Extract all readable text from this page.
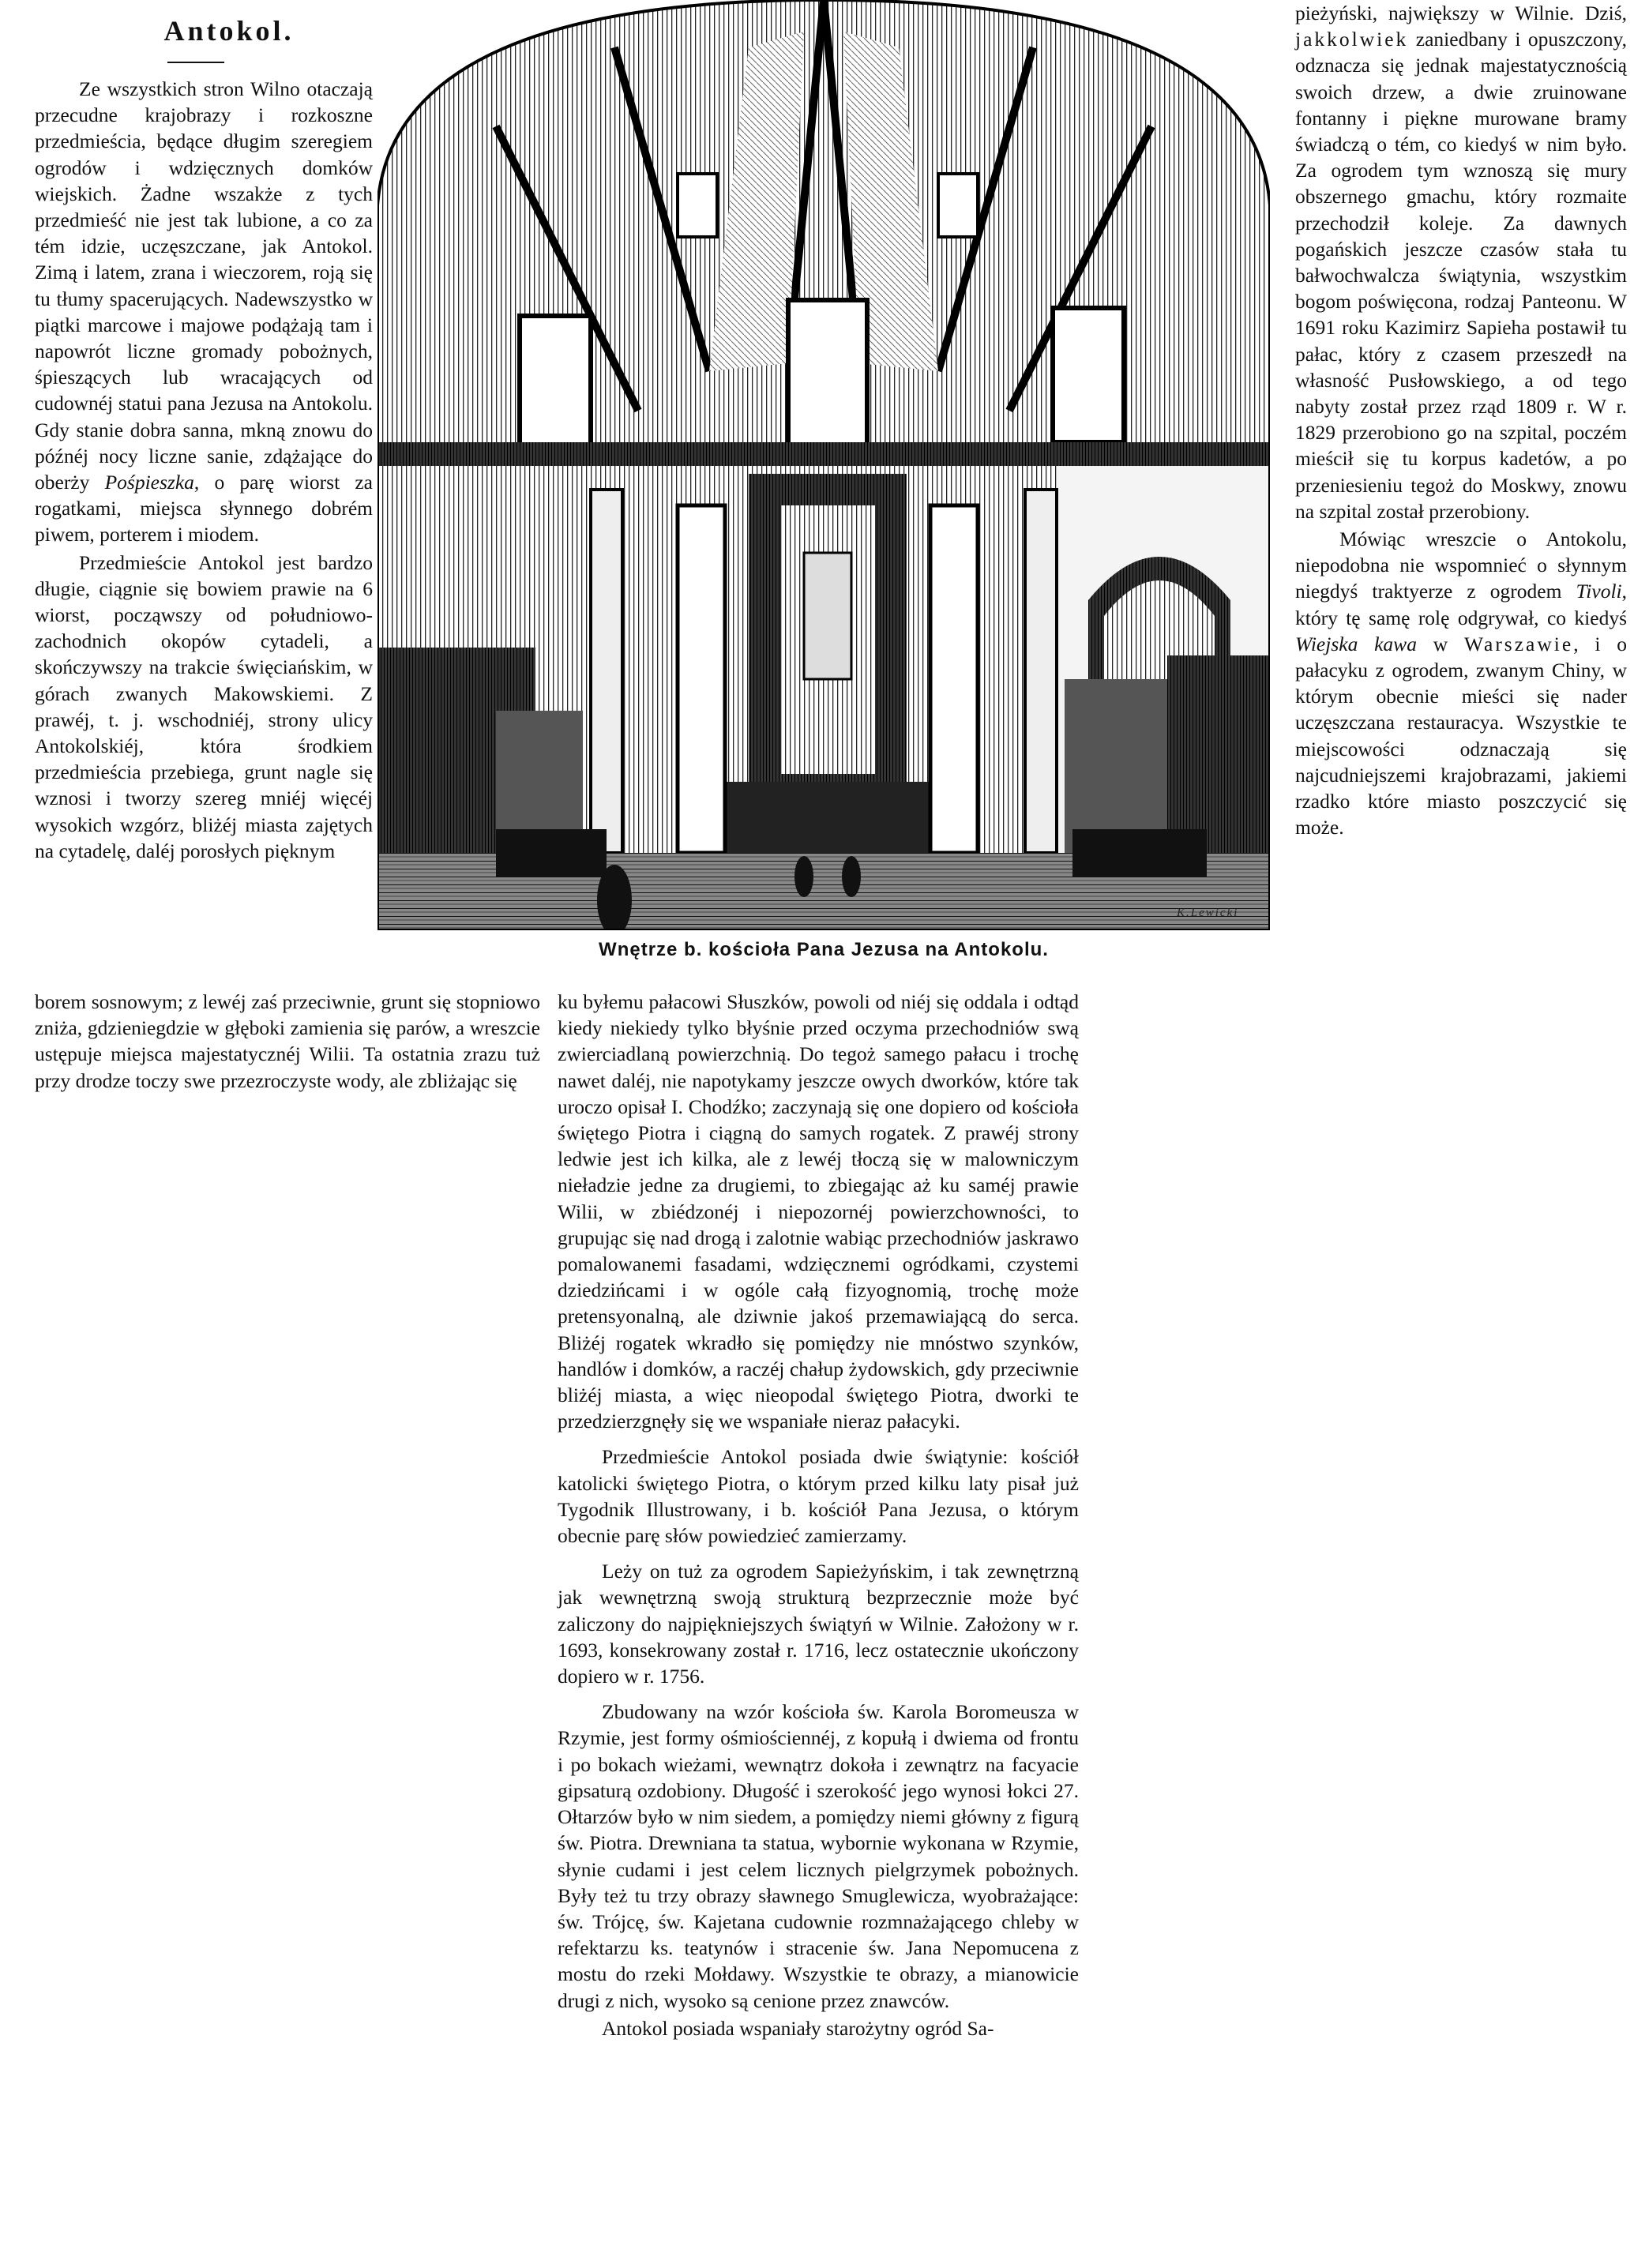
Antokol.

Ze wszystkich stron Wilno otaczają przecudne krajobrazy i rozkoszne przedmieścia, będące długim szeregiem ogrodów i wdzięcznych domków wiejskich. Żadne wszakże z tych przedmieść nie jest tak lubione, a co za tém idzie, uczęszczane, jak Antokol. Zimą i latem, zrana i wieczorem, roją się tu tłumy spacerujących. Nadewszystko w piątki marcowe i majowe podążają tam i napowrót liczne gromady pobożnych, śpieszących lub wracających od cudownéj statui pana Jezusa na Antokolu. Gdy stanie dobra sanna, mkną znowu do późnéj nocy liczne sanie, zdążające do oberży Pośpieszka, o parę wiorst za rogatkami, miejsca słynnego dobrém piwem, porterem i miodem.

Przedmieście Antokol jest bardzo długie, ciągnie się bowiem prawie na 6 wiorst, począwszy od południowo-zachodnich okopów cytadeli, a skończywszy na trakcie święciańskim, w górach zwanych Makowskiemi. Z prawéj, t. j. wschodniéj, strony ulicy Antokolskiéj, która środkiem przedmieścia przebiega, grunt nagle się wznosi i tworzy szereg mniéj więcéj wysokich wzgórz, bliżéj miasta zajętych na cytadelę, daléj porosłych pięknym

borem sosnowym; z lewéj zaś przeciwnie, grunt się stopniowo zniża, gdzieniegdzie w głęboki zamienia się parów, a wreszcie ustępuje miejsca majestatycznéj Wilii. Ta ostatnia zrazu tuż przy drodze toczy swe przezroczyste wody, ale zbliżając się

K.Lewicki
Wnętrze b. kościoła Pana Jezusa na Antokolu.

ku byłemu pałacowi Słuszków, powoli od niéj się oddala i odtąd kiedy niekiedy tylko błyśnie przed oczyma przechodniów swą zwierciadlaną powierzchnią. Do tegoż samego pałacu i trochę nawet daléj, nie napotykamy jeszcze owych dworków, które tak uroczo opisał I. Chodźko; zaczynają się one dopiero od kościoła świętego Piotra i ciągną do samych rogatek. Z prawéj strony ledwie jest ich kilka, ale z lewéj tłoczą się w malowniczym nieładzie jedne za drugiemi, to zbiegając aż ku saméj prawie Wilii, w zbiédzonéj i niepozornéj powierzchowności, to grupując się nad drogą i zalotnie wabiąc przechodniów jaskrawo pomalowanemi fasadami, wdzięcznemi ogródkami, czystemi dziedzińcami i w ogóle całą fizyognomią, trochę może pretensyonalną, ale dziwnie jakoś przemawiającą do serca. Bliżéj rogatek wkradło się pomiędzy nie mnóstwo szynków, handlów i domków, a raczéj chałup żydowskich, gdy przeciwnie bliżéj miasta, a więc nieopodal świętego Piotra, dworki te przedzierzgnęły się we wspaniałe nieraz pałacyki.

Przedmieście Antokol posiada dwie świątynie: kościół katolicki świętego Piotra, o którym przed kilku laty pisał już Tygodnik Illustrowany, i b. kościół Pana Jezusa, o którym obecnie parę słów powiedzieć zamierzamy.

Leży on tuż za ogrodem Sapieżyńskim, i tak zewnętrzną jak wewnętrzną swoją strukturą bezprzecznie może być zaliczony do najpiękniejszych świątyń w Wilnie. Założony w r. 1693, konsekrowany został r. 1716, lecz ostatecznie ukończony dopiero w r. 1756.

Zbudowany na wzór kościoła św. Karola Boromeusza w Rzymie, jest formy ośmiościennéj, z kopułą i dwiema od frontu i po bokach wieżami, wewnątrz dokoła i zewnątrz na facyacie gipsaturą ozdobiony. Długość i szerokość jego wynosi łokci 27. Ołtarzów było w nim siedem, a pomiędzy niemi główny z figurą św. Piotra. Drewniana ta statua, wybornie wykonana w Rzymie, słynie cudami i jest celem licznych pielgrzymek pobożnych. Były też tu trzy obrazy sławnego Smuglewicza, wyobrażające: św. Trójcę, św. Kajetana cudownie rozmnażającego chleby w refektarzu ks. teatynów i stracenie św. Jana Nepomucena z mostu do rzeki Mołdawy. Wszystkie te obrazy, a mianowicie drugi z nich, wysoko są cenione przez znawców.

Antokol posiada wspaniały starożytny ogród Sa-

pieżyński, największy w Wilnie. Dziś, jakkolwiek zaniedbany i opuszczony, odznacza się jednak majestatycznością swoich drzew, a dwie zruinowane fontanny i piękne murowane bramy świadczą o tém, co kiedyś w nim było. Za ogrodem tym wznoszą się mury obszernego gmachu, który rozmaite przechodził koleje. Za dawnych pogańskich jeszcze czasów stała tu bałwochwalcza świątynia, wszystkim bogom poświęcona, rodzaj Panteonu. W 1691 roku Kazimirz Sapieha postawił tu pałac, który z czasem przeszedł na własność Pusłowskiego, a od tego nabyty został przez rząd 1809 r. W r. 1829 przerobiono go na szpital, poczém mieścił się tu korpus kadetów, a po przeniesieniu tegoż do Moskwy, znowu na szpital został przerobiony.

Mówiąc wreszcie o Antokolu, niepodobna nie wspomnieć o słynnym niegdyś traktyerze z ogrodem Tivoli, który tę samę rolę odgrywał, co kiedyś Wiejska kawa w Warszawie, i o pałacyku z ogrodem, zwanym Chiny, w którym obecnie mieści się nader uczęszczana restauracya. Wszystkie te miejscowości odznaczają się najcudniejszemi krajobrazami, jakiemi rzadko które miasto poszczycić się może.
